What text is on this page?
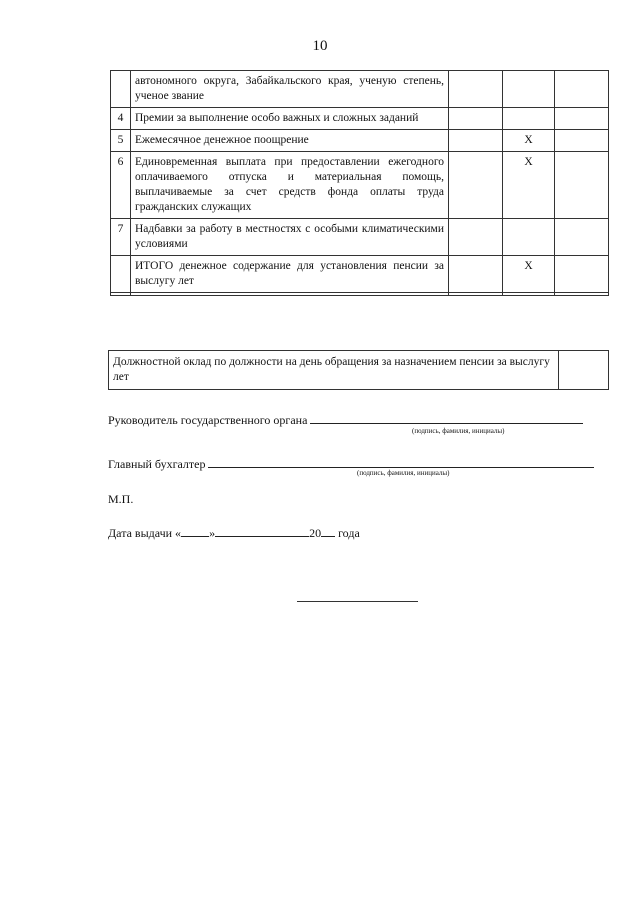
10
	автономного округа, Забайкальского края, ученую степень, ученое звание			
4	Премии за выполнение особо важных и сложных заданий			
5	Ежемесячное денежное поощрение		Х	
6	Единовременная выплата при предоставлении ежегодного оплачиваемого отпуска и материальная помощь, выплачиваемые за счет средств фонда оплаты труда гражданских служащих		Х	
7	Надбавки за работу в местностях с особыми климатическими условиями			
	ИТОГО денежное содержание для установления пенсии за выслугу лет		Х	

Должностной оклад по должности на день обращения за назначением пенсии за выслугу лет	
Руководитель государственного органа
(подпись, фамилия, инициалы)
Главный бухгалтер
(подпись, фамилия, инициалы)
М.П.
Дата выдачи « »	20 года
